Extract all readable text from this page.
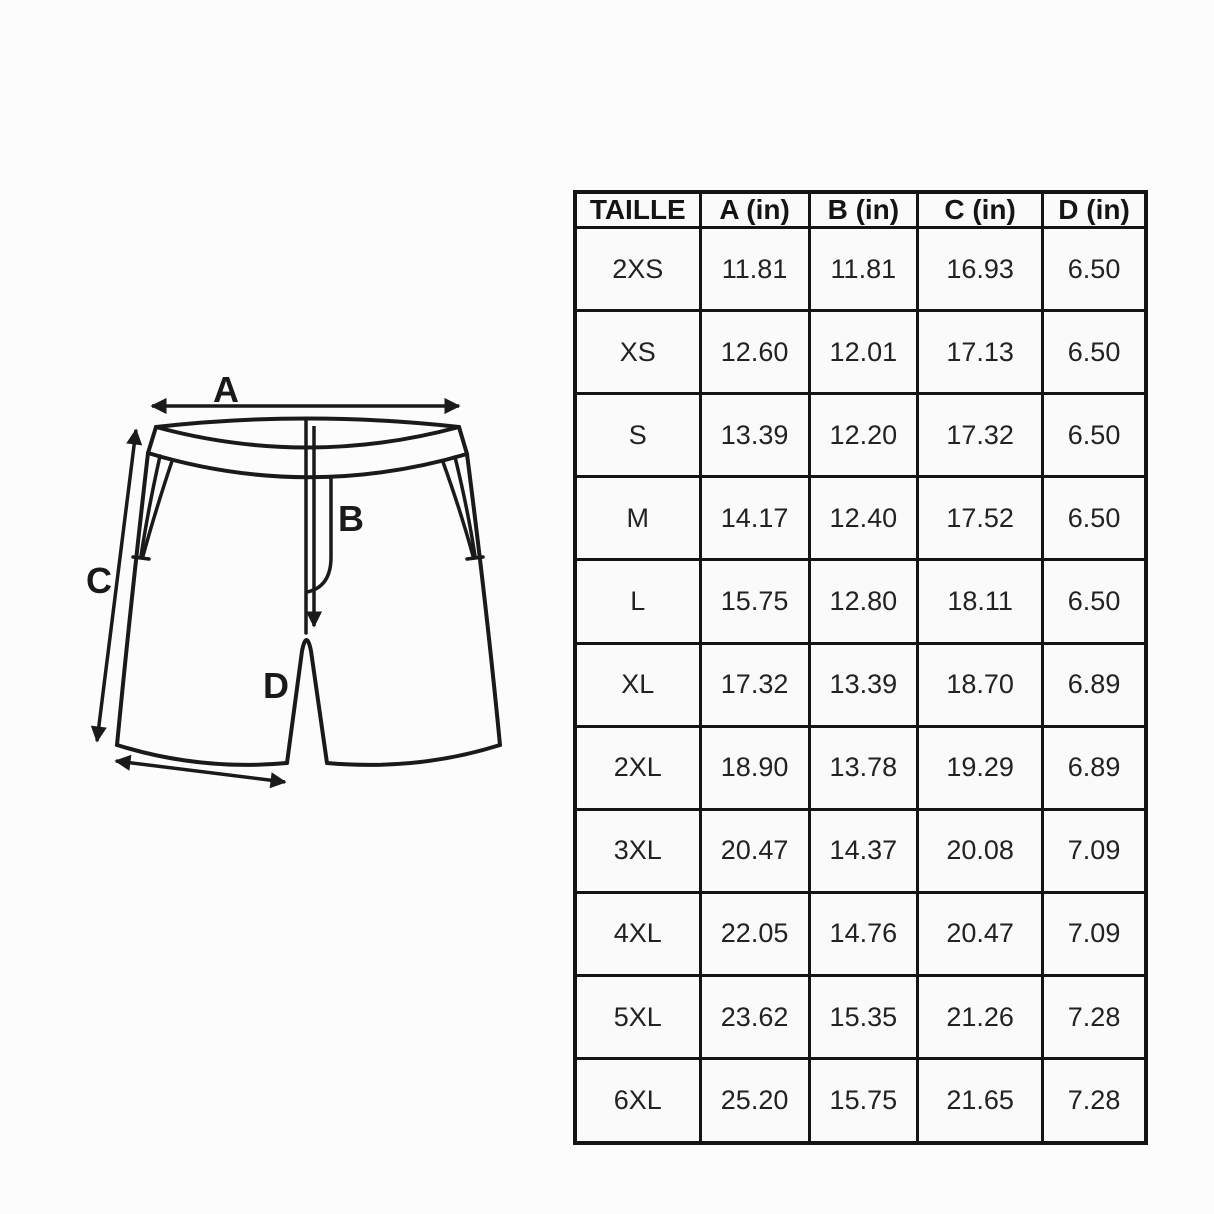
A
B
C
D
TAILLE	A (in)	B (in)	C (in)	D (in)
2XS	11.81	11.81	16.93	6.50
XS	12.60	12.01	17.13	6.50
S	13.39	12.20	17.32	6.50
M	14.17	12.40	17.52	6.50
L	15.75	12.80	18.11	6.50
XL	17.32	13.39	18.70	6.89
2XL	18.90	13.78	19.29	6.89
3XL	20.47	14.37	20.08	7.09
4XL	22.05	14.76	20.47	7.09
5XL	23.62	15.35	21.26	7.28
6XL	25.20	15.75	21.65	7.28
